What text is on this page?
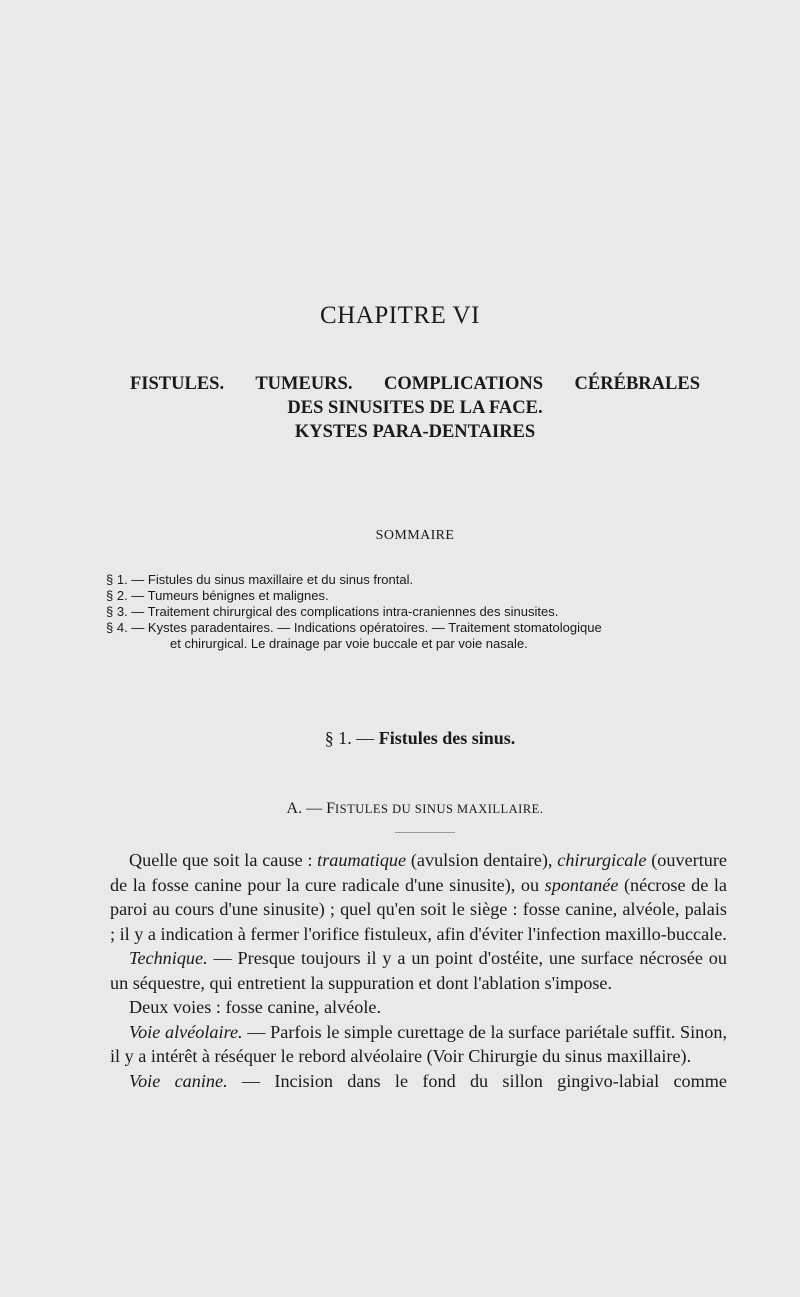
CHAPITRE VI
FISTULES. TUMEURS. COMPLICATIONS CÉRÉBRALES
DES SINUSITES DE LA FACE.
KYSTES PARA-DENTAIRES
SOMMAIRE
§ 1. — Fistules du sinus maxillaire et du sinus frontal.
§ 2. — Tumeurs bénignes et malignes.
§ 3. — Traitement chirurgical des complications intra-craniennes des sinusites.
§ 4. — Kystes paradentaires. — Indications opératoires. — Traitement stomatologique
et chirurgical. Le drainage par voie buccale et par voie nasale.
§ 1. — Fistules des sinus.
A. — FISTULES DU SINUS MAXILLAIRE.

Quelle que soit la cause : traumatique (avulsion dentaire), chirurgicale (ouverture de la fosse canine pour la cure radicale d'une sinusite), ou spontanée (nécrose de la paroi au cours d'une sinusite) ; quel qu'en soit le siège : fosse canine, alvéole, palais ; il y a indication à fermer l'orifice fistuleux, afin d'éviter l'infection maxillo-buccale.

Technique. — Presque toujours il y a un point d'ostéite, une surface nécrosée ou un séquestre, qui entretient la suppuration et dont l'ablation s'impose.

Deux voies : fosse canine, alvéole.

Voie alvéolaire. — Parfois le simple curettage de la surface pariétale suffit. Sinon, il y a intérêt à réséquer le rebord alvéolaire (Voir Chirurgie du sinus maxillaire).

Voie canine. — Incision dans le fond du sillon gingivo-labial comme
